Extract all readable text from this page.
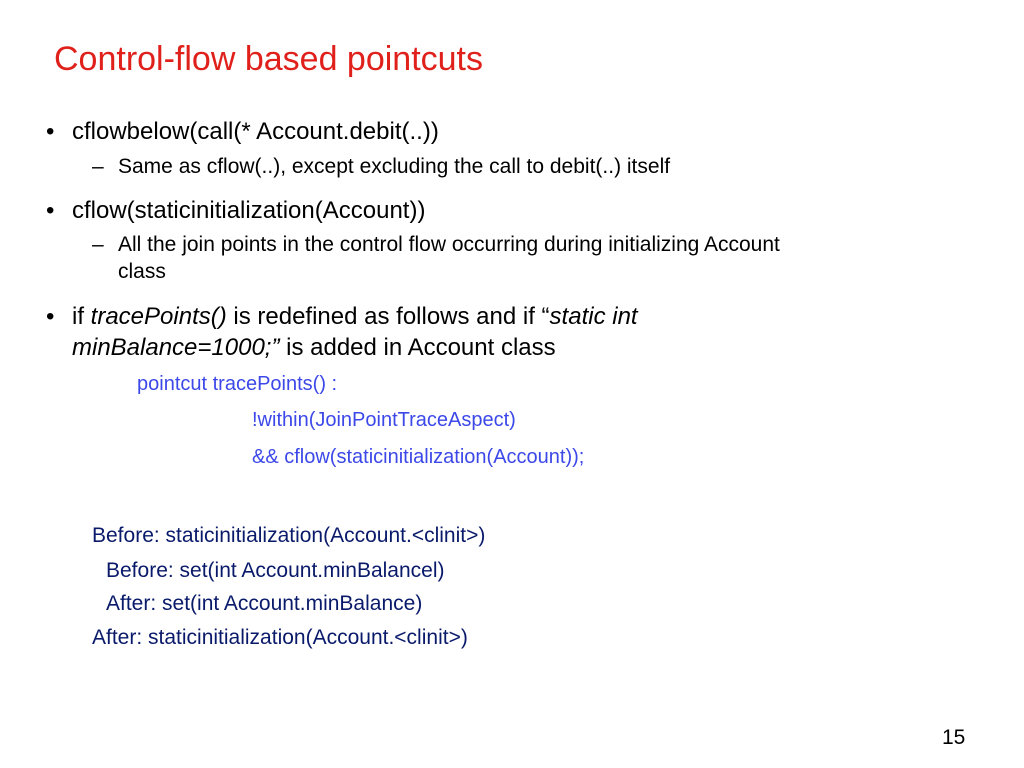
Control-flow based pointcuts
• cflowbelow(call(* Account.debit(..))
– Same as cflow(..), except excluding the call to debit(..) itself
• cflow(staticinitialization(Account))
– All the join points in the control flow occurring during initializing Account
class
• if tracePoints() is redefined as follows and if “static int
minBalance=1000;” is added in Account class
pointcut tracePoints() :
!within(JoinPointTraceAspect)
&& cflow(staticinitialization(Account));
Before: staticinitialization(Account.<clinit>)
Before: set(int Account.minBalancel)
After: set(int Account.minBalance)
After: staticinitialization(Account.<clinit>)
15
